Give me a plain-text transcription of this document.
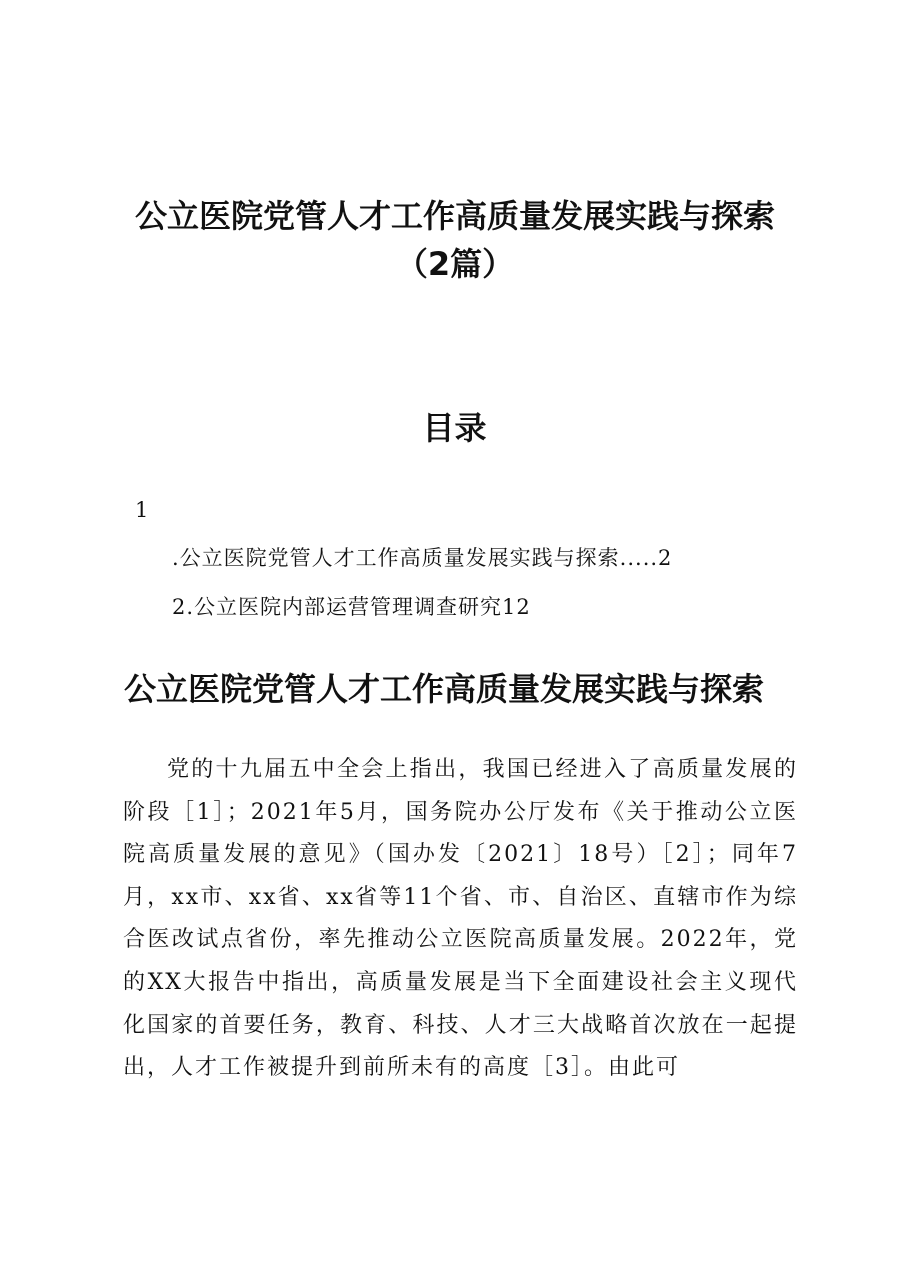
公立医院党管人才工作高质量发展实践与探索
（2篇）
目录
1
.公立医院党管人才工作高质量发展实践与探索.....2
2.公立医院内部运营管理调查研究12
公立医院党管人才工作高质量发展实践与探索

党的十九届五中全会上指出，我国已经进入了高质量发展的阶段［1］；2021年5月，国务院办公厅发布《关于推动公立医院高质量发展的意见》（国办发〔2021〕18号）［2］；同年7月，xx市、xx省、xx省等11个省、市、自治区、直辖市作为综合医改试点省份，率先推动公立医院高质量发展。2022年，党的XX大报告中指出，高质量发展是当下全面建设社会主义现代化国家的首要任务，教育、科技、人才三大战略首次放在一起提出，人才工作被提升到前所未有的高度［3］。由此可
